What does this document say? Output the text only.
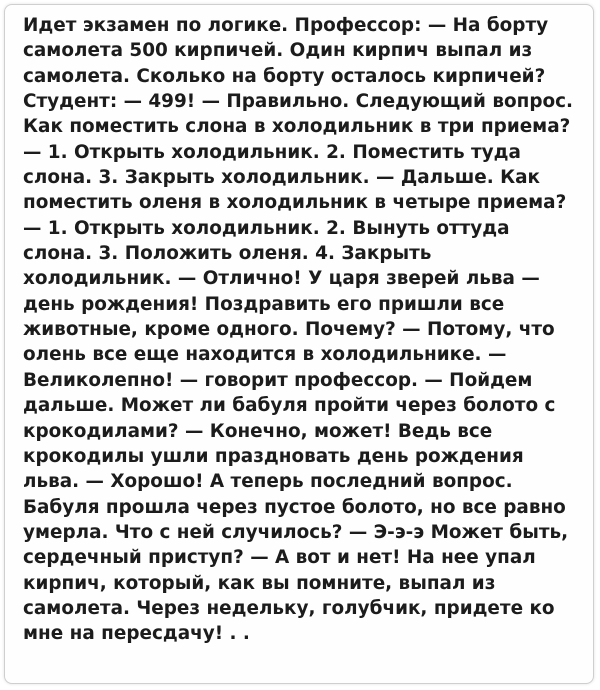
Идет экзамен по логике. Профессор: — На борту
самолета 500 кирпичей. Один кирпич выпал из
самолета. Сколько на борту осталось кирпичей?
Студент: — 499! — Правильно. Следующий вопрос.
Как поместить слона в холодильник в три приема?
— 1. Открыть холодильник. 2. Поместить туда
слона. 3. Закрыть холодильник. — Дальше. Как
поместить оленя в холодильник в четыре приема?
— 1. Открыть холодильник. 2. Вынуть оттуда
слона. 3. Положить оленя. 4. Закрыть
холодильник. — Отлично! У царя зверей льва —
день рождения! Поздравить его пришли все
животные, кроме одного. Почему? — Потому, что
олень все еще находится в холодильнике. —
Великолепно! — говорит профессор. — Пойдем
дальше. Может ли бабуля пройти через болото с
крокодилами? — Конечно, может! Ведь все
крокодилы ушли праздновать день рождения
льва. — Хорошо! А теперь последний вопрос.
Бабуля прошла через пустое болото, но все равно
умерла. Что с ней случилось? — Э-э-э Может быть,
сердечный приступ? — А вот и нет! На нее упал
кирпич, который, как вы помните, выпал из
самолета. Через недельку, голубчик, придете ко
мне на пересдачу! . .
